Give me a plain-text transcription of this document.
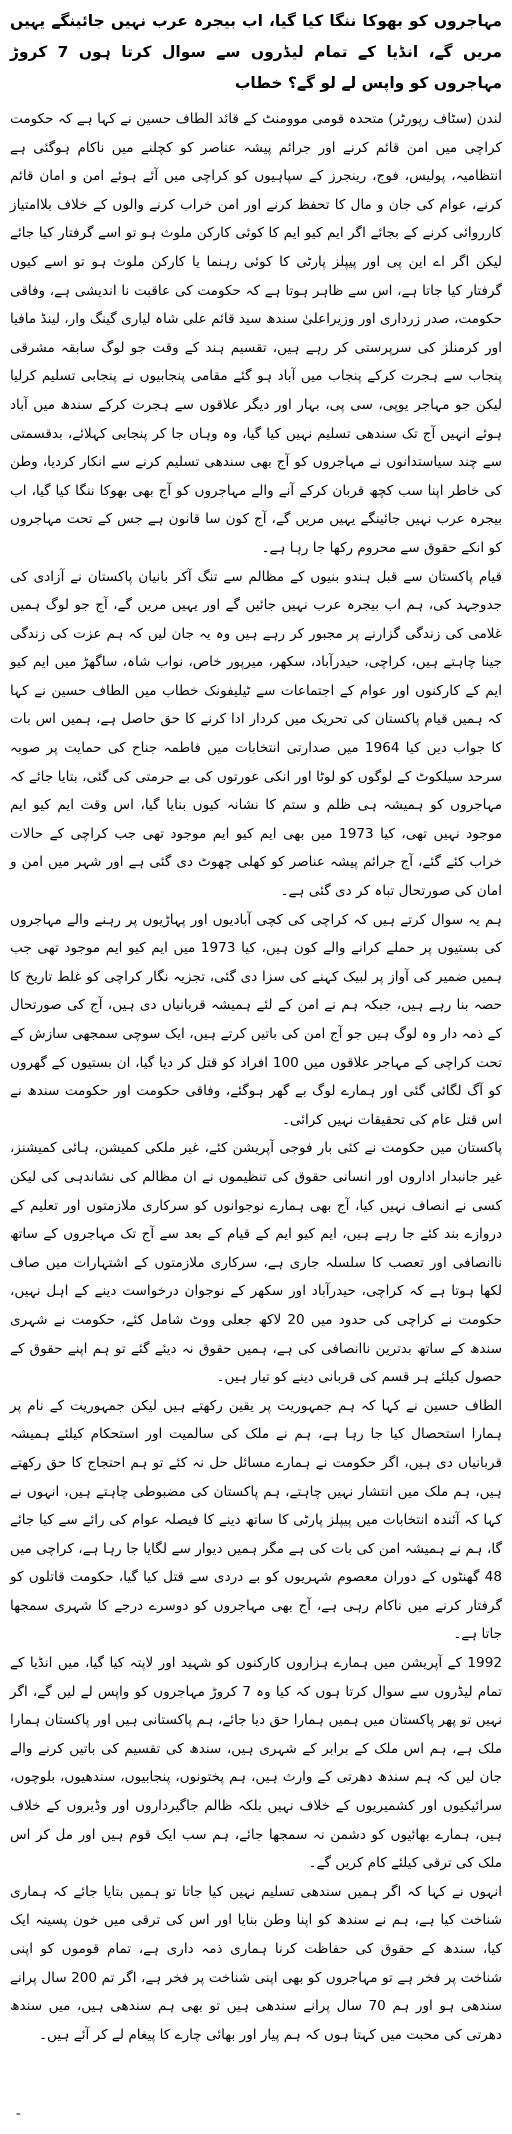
مہاجروں کو بھوکا ننگا کیا گیا، اب بیجرہ عرب نہیں جائینگے یہیں مریں گے، انڈیا کے تمام لیڈروں سے سوال کرتا ہوں 7 کروڑ مہاجروں کو واپس لے لو گے؟ خطاب

لندن (سٹاف رپورٹر) متحدہ قومی موومنٹ کے قائد الطاف حسین نے کہا ہے کہ حکومت کراچی میں امن قائم کرنے اور جرائم پیشہ عناصر کو کچلنے میں ناکام ہوگئی ہے انتظامیہ، پولیس، فوج، رینجرز کے سپاہیوں کو کراچی میں آئے ہوئے امن و امان قائم کرنے، عوام کی جان و مال کا تحفظ کرنے اور امن خراب کرنے والوں کے خلاف بلاامتیاز کارروائی کرنے کے بجائے اگر ایم کیو ایم کا کوئی کارکن ملوث ہو تو اسے گرفتار کیا جائے لیکن اگر اے این پی اور پیپلز پارٹی کا کوئی رہنما یا کارکن ملوث ہو تو اسے کیوں گرفتار کیا جاتا ہے، اس سے ظاہر ہوتا ہے کہ حکومت کی عاقبت نا اندیشی ہے، وفاقی حکومت، صدر زرداری اور وزیراعلیٰ سندھ سید قائم علی شاہ لیاری گینگ وار، لینڈ مافیا اور کرمنلز کی سرپرستی کر رہے ہیں، تقسیم ہند کے وقت جو لوگ سابقہ مشرقی پنجاب سے ہجرت کرکے پنجاب میں آباد ہو گئے مقامی پنجابیوں نے پنجابی تسلیم کرلیا لیکن جو مہاجر یوپی، سی پی، بہار اور دیگر علاقوں سے ہجرت کرکے سندھ میں آباد ہوئے انہیں آج تک سندھی تسلیم نہیں کیا گیا، وہ وہاں جا کر پنجابی کہلائے، بدقسمتی سے چند سیاستدانوں نے مہاجروں کو آج بھی سندھی تسلیم کرنے سے انکار کردیا، وطن کی خاطر اپنا سب کچھ قربان کرکے آنے والے مہاجروں کو آج بھی بھوکا ننگا کیا گیا، اب بیجرہ عرب نہیں جائینگے یہیں مریں گے، آج کون سا قانون ہے جس کے تحت مہاجروں کو انکے حقوق سے محروم رکھا جا رہا ہے۔

قیام پاکستان سے قبل ہندو بنیوں کے مظالم سے تنگ آکر بانیان پاکستان نے آزادی کی جدوجہد کی، ہم اب بیجرہ عرب نہیں جائیں گے اور یہیں مریں گے، آج جو لوگ ہمیں غلامی کی زندگی گزارنے پر مجبور کر رہے ہیں وہ یہ جان لیں کہ ہم عزت کی زندگی جینا چاہتے ہیں، کراچی، حیدرآباد، سکھر، میرپور خاص، نواب شاہ، ساگھڑ میں ایم کیو ایم کے کارکنوں اور عوام کے اجتماعات سے ٹیلیفونک خطاب میں الطاف حسین نے کہا کہ ہمیں قیام پاکستان کی تحریک میں کردار ادا کرنے کا حق حاصل ہے، ہمیں اس بات کا جواب دیں کیا 1964 میں صدارتی انتخابات میں فاطمہ جناح کی حمایت پر صوبہ سرحد سیلکوٹ کے لوگوں کو لوٹا اور انکی عورتوں کی بے حرمتی کی گئی، بتایا جائے کہ مہاجروں کو ہمیشہ ہی ظلم و ستم کا نشانہ کیوں بنایا گیا، اس وقت ایم کیو ایم موجود نہیں تھی، کیا 1973 میں بھی ایم کیو ایم موجود تھی جب کراچی کے حالات خراب کئے گئے، آج جرائم پیشہ عناصر کو کھلی چھوٹ دی گئی ہے اور شہر میں امن و امان کی صورتحال تباہ کر دی گئی ہے۔

ہم یہ سوال کرتے ہیں کہ کراچی کی کچی آبادیوں اور پہاڑیوں پر رہنے والے مہاجروں کی بستیوں پر حملے کرانے والے کون ہیں، کیا 1973 میں ایم کیو ایم موجود تھی جب ہمیں ضمیر کی آواز پر لبیک کہنے کی سزا دی گئی، تجزیہ نگار کراچی کو غلط تاریخ کا حصہ بنا رہے ہیں، جبکہ ہم نے امن کے لئے ہمیشہ قربانیاں دی ہیں، آج کی صورتحال کے ذمہ دار وہ لوگ ہیں جو آج امن کی باتیں کرتے ہیں، ایک سوچی سمجھی سازش کے تحت کراچی کے مہاجر علاقوں میں 100 افراد کو قتل کر دیا گیا، ان بستیوں کے گھروں کو آگ لگائی گئی اور ہمارے لوگ بے گھر ہوگئے، وفاقی حکومت اور حکومت سندھ نے اس قتل عام کی تحقیقات نہیں کرائی۔

پاکستان میں حکومت نے کئی بار فوجی آپریشن کئے، غیر ملکی کمیشن، ہائی کمیشنز، غیر جانبدار اداروں اور انسانی حقوق کی تنظیموں نے ان مظالم کی نشاندہی کی لیکن کسی نے انصاف نہیں کیا، آج بھی ہمارے نوجوانوں کو سرکاری ملازمتوں اور تعلیم کے دروازے بند کئے جا رہے ہیں، ایم کیو ایم کے قیام کے بعد سے آج تک مہاجروں کے ساتھ ناانصافی اور تعصب کا سلسلہ جاری ہے، سرکاری ملازمتوں کے اشتہارات میں صاف لکھا ہوتا ہے کہ کراچی، حیدرآباد اور سکھر کے نوجوان درخواست دینے کے اہل نہیں، حکومت نے کراچی کی حدود میں 20 لاکھ جعلی ووٹ شامل کئے، حکومت نے شہری سندھ کے ساتھ بدترین ناانصافی کی ہے، ہمیں حقوق نہ دیئے گئے تو ہم اپنے حقوق کے حصول کیلئے ہر قسم کی قربانی دینے کو تیار ہیں۔

الطاف حسین نے کہا کہ ہم جمہوریت پر یقین رکھتے ہیں لیکن جمہوریت کے نام پر ہمارا استحصال کیا جا رہا ہے، ہم نے ملک کی سالمیت اور استحکام کیلئے ہمیشہ قربانیاں دی ہیں، اگر حکومت نے ہمارے مسائل حل نہ کئے تو ہم احتجاج کا حق رکھتے ہیں، ہم ملک میں انتشار نہیں چاہتے، ہم پاکستان کی مضبوطی چاہتے ہیں، انہوں نے کہا کہ آئندہ انتخابات میں پیپلز پارٹی کا ساتھ دینے کا فیصلہ عوام کی رائے سے کیا جائے گا، ہم نے ہمیشہ امن کی بات کی ہے مگر ہمیں دیوار سے لگایا جا رہا ہے، کراچی میں 48 گھنٹوں کے دوران معصوم شہریوں کو بے دردی سے قتل کیا گیا، حکومت قاتلوں کو گرفتار کرنے میں ناکام رہی ہے، آج بھی مہاجروں کو دوسرے درجے کا شہری سمجھا جاتا ہے۔

1992 کے آپریشن میں ہمارے ہزاروں کارکنوں کو شہید اور لاپتہ کیا گیا، میں انڈیا کے تمام لیڈروں سے سوال کرتا ہوں کہ کیا وہ 7 کروڑ مہاجروں کو واپس لے لیں گے، اگر نہیں تو پھر پاکستان میں ہمیں ہمارا حق دیا جائے، ہم پاکستانی ہیں اور پاکستان ہمارا ملک ہے، ہم اس ملک کے برابر کے شہری ہیں، سندھ کی تقسیم کی باتیں کرنے والے جان لیں کہ ہم سندھ دھرتی کے وارث ہیں، ہم پختونوں، پنجابیوں، سندھیوں، بلوچوں، سرائیکیوں اور کشمیریوں کے خلاف نہیں بلکہ ظالم جاگیرداروں اور وڈیروں کے خلاف ہیں، ہمارے بھائیوں کو دشمن نہ سمجھا جائے، ہم سب ایک قوم ہیں اور مل کر اس ملک کی ترقی کیلئے کام کریں گے۔

انہوں نے کہا کہ اگر ہمیں سندھی تسلیم نہیں کیا جاتا تو ہمیں بتایا جائے کہ ہماری شناخت کیا ہے، ہم نے سندھ کو اپنا وطن بنایا اور اس کی ترقی میں خون پسینہ ایک کیا، سندھ کے حقوق کی حفاظت کرنا ہماری ذمہ داری ہے، تمام قوموں کو اپنی شناخت پر فخر ہے تو مہاجروں کو بھی اپنی شناخت پر فخر ہے، اگر تم 200 سال پرانے سندھی ہو اور ہم 70 سال پرانے سندھی ہیں تو بھی ہم سندھی ہیں، میں سندھ دھرتی کی محبت میں کہتا ہوں کہ ہم پیار اور بھائی چارے کا پیغام لے کر آئے ہیں۔

-
